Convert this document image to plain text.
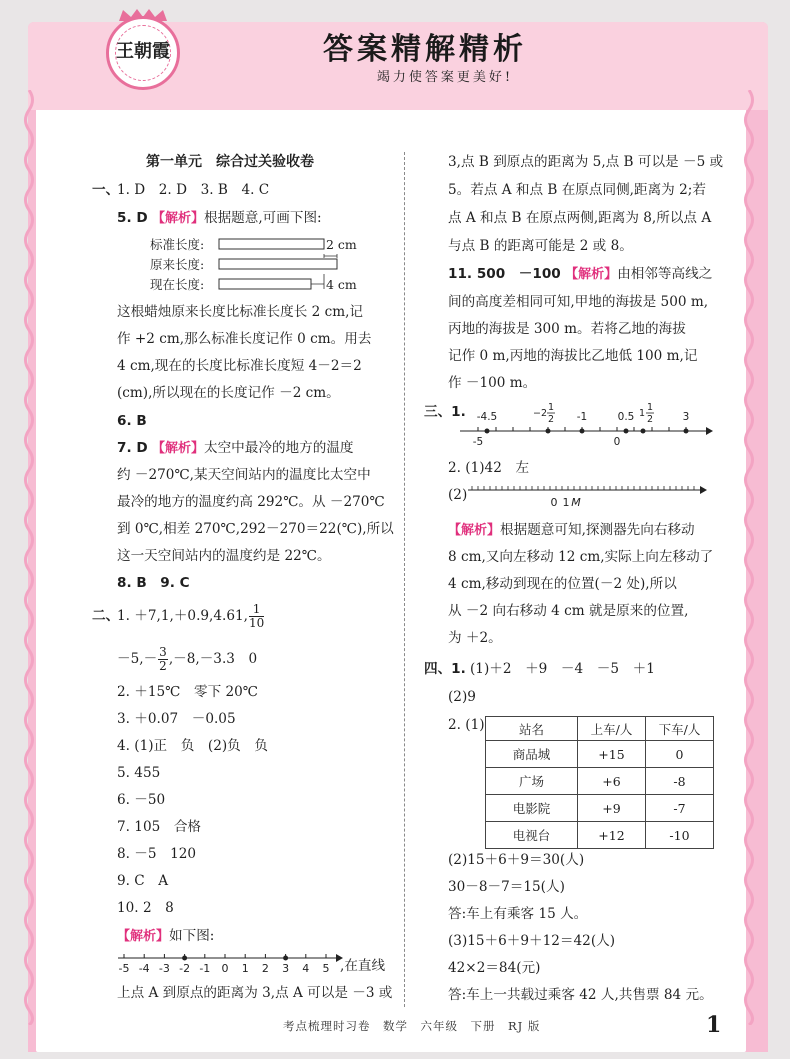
王朝霞	答案精解精析
竭力使答案更美好!
第一单元　综合过关验收卷
一、
1. D　2. D　3. B　4. C
5. D 【解析】根据题意,可画下图:
标准长度:
原来长度:
现在长度:
2 cm
4 cm
这根蜡烛原来长度比标准长度长 2 cm,记
作 +2 cm,那么标准长度记作 0 cm。用去
4 cm,现在的长度比标准长度短 4－2＝2
(cm),所以现在的长度记作 －2 cm。
6. B
7. D 【解析】太空中最冷的地方的温度
约 －270℃,某天空间站内的温度比太空中
最冷的地方的温度约高 292℃。从 －270℃
到 0℃,相差 270℃,292－270＝22(℃),所以
这一天空间站内的温度约是 22℃。
8. B　9. C
二、
1. ＋7,1,＋0.9,4.61, $\frac{1}{10}$
$-5,- \frac{3}{2} ,-8,-3.3$　0
2. ＋15℃　零下 20℃
3. ＋0.07　－0.05
4. (1)正　负　(2)负　负
5. 455
6. －50
7. 105　合格
8. －5　120
9. C　A
10. 2　8
【解析】如下图:
-5 -4 -3 -2 -1 0 1 2 3 4 5 ,在直线
上点 A 到原点的距离为 3,点 A 可以是 －3 或
3,点 B 到原点的距离为 5,点 B 可以是 －5 或
5。若点 A 和点 B 在原点同侧,距离为 2;若
点 A 和点 B 在原点两侧,距离为 8,所以点 A
与点 B 的距离可能是 2 或 8。
11. 500　－100 【解析】由相邻等高线之
间的高度差相同可知,甲地的海拔是 500 m,
丙地的海拔是 300 m。若将乙地的海拔
记作 0 m,丙地的海拔比乙地低 100 m,记
作 －100 m。
三、1. -4.5	-1	0.5	3
-5	0
−2
1
2
1
1
2
2. (1)42　左
(2)	0 1 M
【解析】根据题意可知,探测器先向右移动
8 cm,又向左移动 12 cm,实际上向左移动了
4 cm,移动到现在的位置(－2 处),所以
从 －2 向右移动 4 cm 就是原来的位置,
为 ＋2。
四、1. (1)＋2　＋9　－4　－5　＋1
(2)9
2. (1)	站名	上车/人	下车/人
商品城	+15	0
广场	+6	-8
电影院	+9	-7
电视台	+12	-10
(2)15＋6＋9＝30(人)
30－8－7＝15(人)
答:车上有乘客 15 人。
(3)15＋6＋9＋12＝42(人)
42×2＝84(元)
答:车上一共载过乘客 42 人,共售票 84 元。
考点梳理时习卷　数学　六年级　下册　RJ 版	1
